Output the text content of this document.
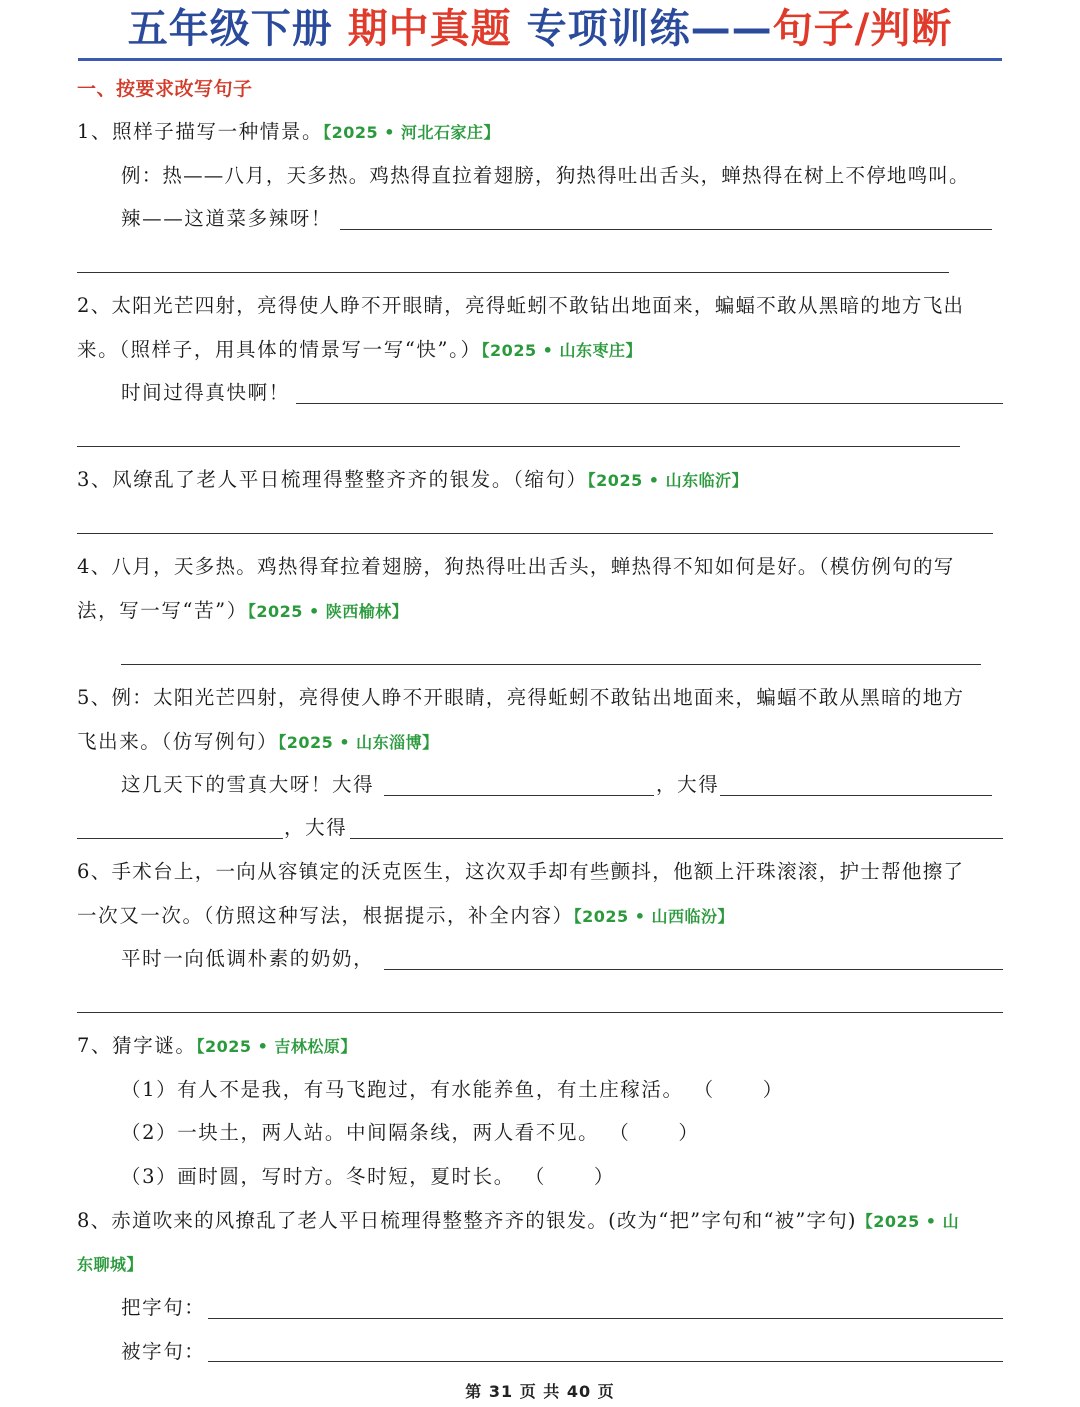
五年级下册 期中真题 专项训练——句子/判断
一、按要求改写句子
1、照样子描写一种情景。【2025 • 河北石家庄】
例：热——八月，天多热。鸡热得直拉着翅膀，狗热得吐出舌头，蝉热得在树上不停地鸣叫。
辣——这道菜多辣呀！
2、太阳光芒四射，亮得使人睁不开眼睛，亮得蚯蚓不敢钻出地面来，蝙蝠不敢从黑暗的地方飞出
来。（照样子，用具体的情景写一写“快”。）【2025 • 山东枣庄】
时间过得真快啊！
3、风缭乱了老人平日梳理得整整齐齐的银发。（缩句）【2025 • 山东临沂】
4、八月，天多热。鸡热得耷拉着翅膀，狗热得吐出舌头，蝉热得不知如何是好。（模仿例句的写
法，写一写“苦”）【2025 • 陕西榆林】
5、例：太阳光芒四射，亮得使人睁不开眼睛，亮得蚯蚓不敢钻出地面来，蝙蝠不敢从黑暗的地方
飞出来。（仿写例句）【2025 • 山东淄博】
这几天下的雪真大呀！大得	，大得
，大得
6、手术台上，一向从容镇定的沃克医生，这次双手却有些颤抖，他额上汗珠滚滚，护士帮他擦了
一次又一次。（仿照这种写法，根据提示，补全内容）【2025 • 山西临汾】
平时一向低调朴素的奶奶，
7、猜字谜。【2025 • 吉林松原】
（1）有人不是我，有马飞跑过，有水能养鱼，有土庄稼活。 （ ）
（2）一块土，两人站。中间隔条线，两人看不见。 （ ）
（3）画时圆，写时方。冬时短，夏时长。 （ ）
8、赤道吹来的风撩乱了老人平日梳理得整整齐齐的银发。(改为“把”字句和“被”字句)【2025 • 山
东聊城】
把字句：
被字句：
第 31 页 共 40 页
